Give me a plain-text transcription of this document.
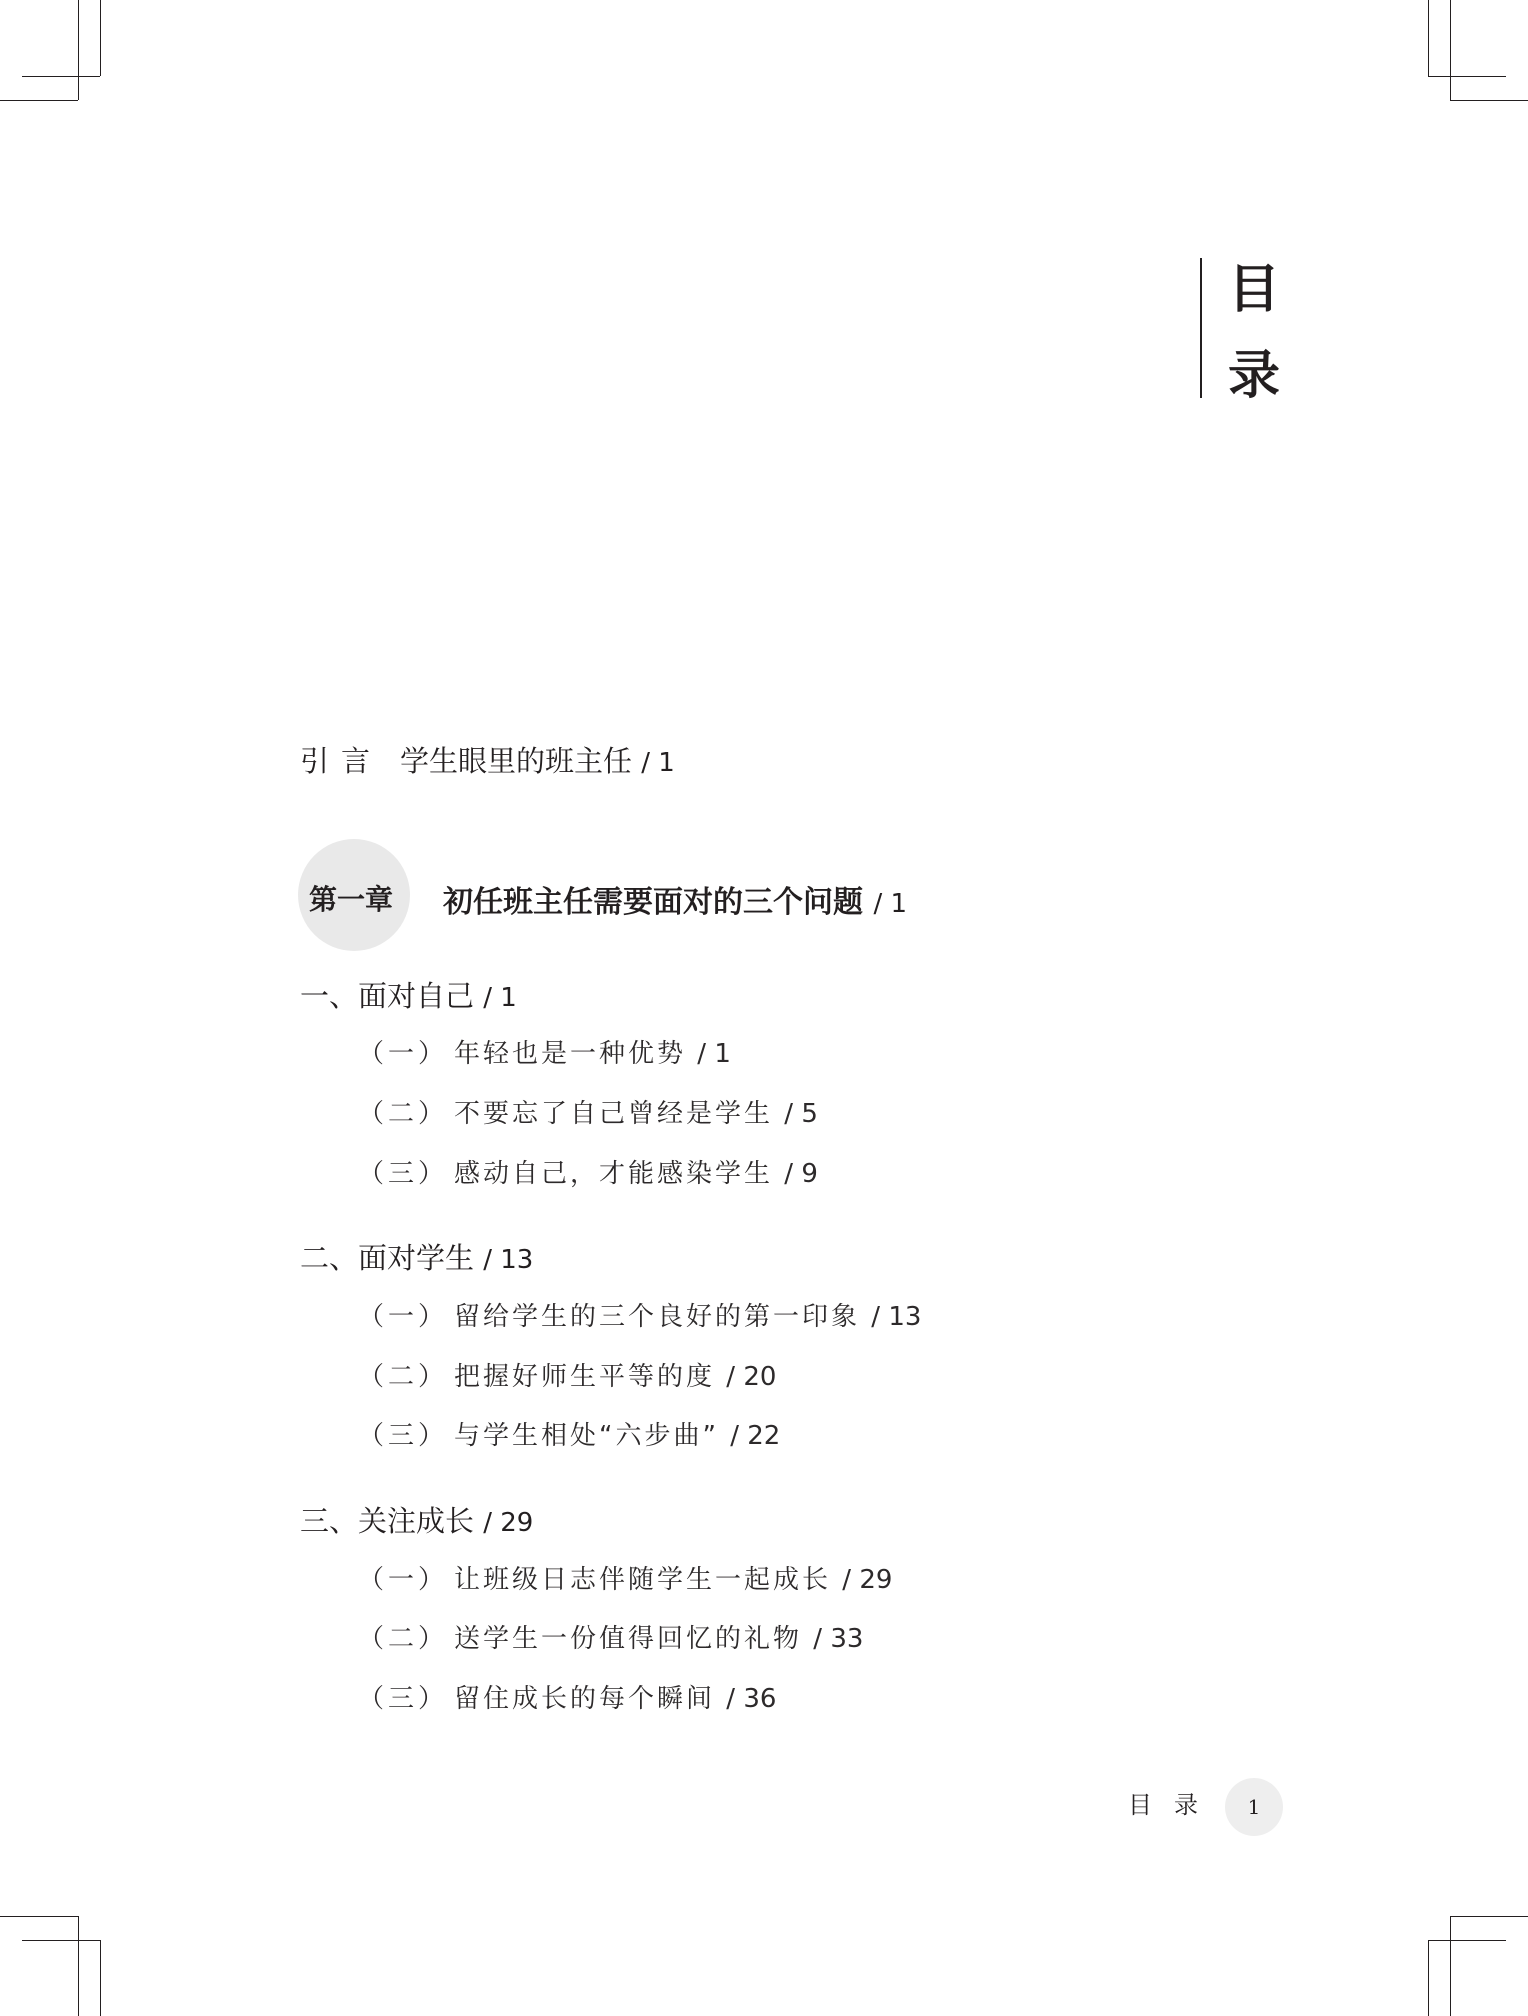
目
录
引言 学生眼里的班主任 / 1
第一章 初任班主任需要面对的三个问题 / 1
一、面对自己 / 1
（一） 年轻也是一种优势 / 1
（二） 不要忘了自己曾经是学生 / 5
（三） 感动自己，才能感染学生 / 9
二、面对学生 / 13
（一） 留给学生的三个良好的第一印象 / 13
（二） 把握好师生平等的度 / 20
（三） 与学生相处“六步曲” / 22
三、关注成长 / 29
（一） 让班级日志伴随学生一起成长 / 29
（二） 送学生一份值得回忆的礼物 / 33
（三） 留住成长的每个瞬间 / 36
目录	1
